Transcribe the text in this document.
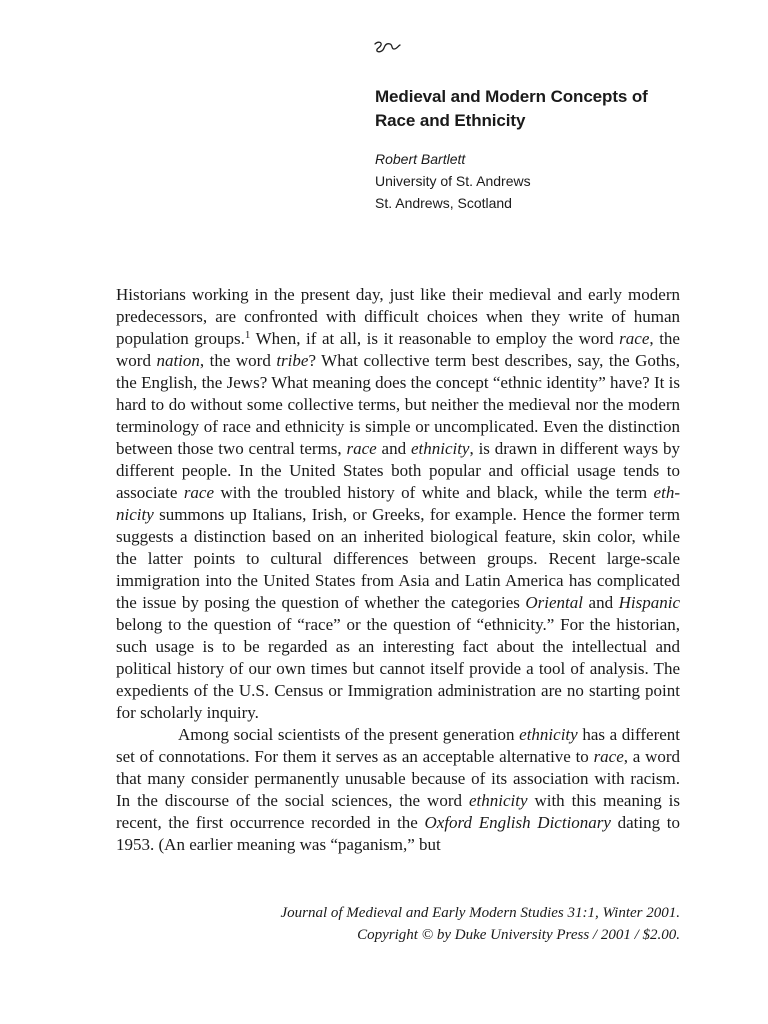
Medieval and Modern Concepts of
Race and Ethnicity
Robert Bartlett
University of St. Andrews
St. Andrews, Scotland

Historians working in the present day, just like their medieval and early modern predecessors, are confronted with difficult choices when they write of human population groups.$^1$ When, if at all, is it reasonable to employ the word race, the word nation, the word tribe? What collective term best describes, say, the Goths, the English, the Jews? What meaning does the concept “ethnic identity” have? It is hard to do without some collective terms, but neither the medieval nor the modern terminology of race and ethnicity is simple or uncomplicated. Even the distinction between those two central terms, race and ethnicity, is drawn in different ways by different people. In the United States both popular and official usage tends to associate race with the troubled history of white and black, while the term ethnicity summons up Italians, Irish, or Greeks, for example. Hence the former term suggests a distinction based on an inherited biological feature, skin color, while the latter points to cultural differences between groups. Recent large-scale immigration into the United States from Asia and Latin America has complicated the issue by posing the question of whether the categories Oriental and Hispanic belong to the question of “race” or the question of “ethnicity.” For the historian, such usage is to be regarded as an interesting fact about the intellectual and political history of our own times but cannot itself provide a tool of analysis. The expedients of the U.S. Census or Immigration administration are no starting point for scholarly inquiry.

Among social scientists of the present generation ethnicity has a different set of connotations. For them it serves as an acceptable alternative to race, a word that many consider permanently unusable because of its association with racism. In the discourse of the social sciences, the word ethnicity with this meaning is recent, the first occurrence recorded in the Oxford English Dictionary dating to 1953. (An earlier meaning was “paganism,” but

Journal of Medieval and Early Modern Studies 31:1, Winter 2001.
Copyright © by Duke University Press / 2001 / $2.00.
